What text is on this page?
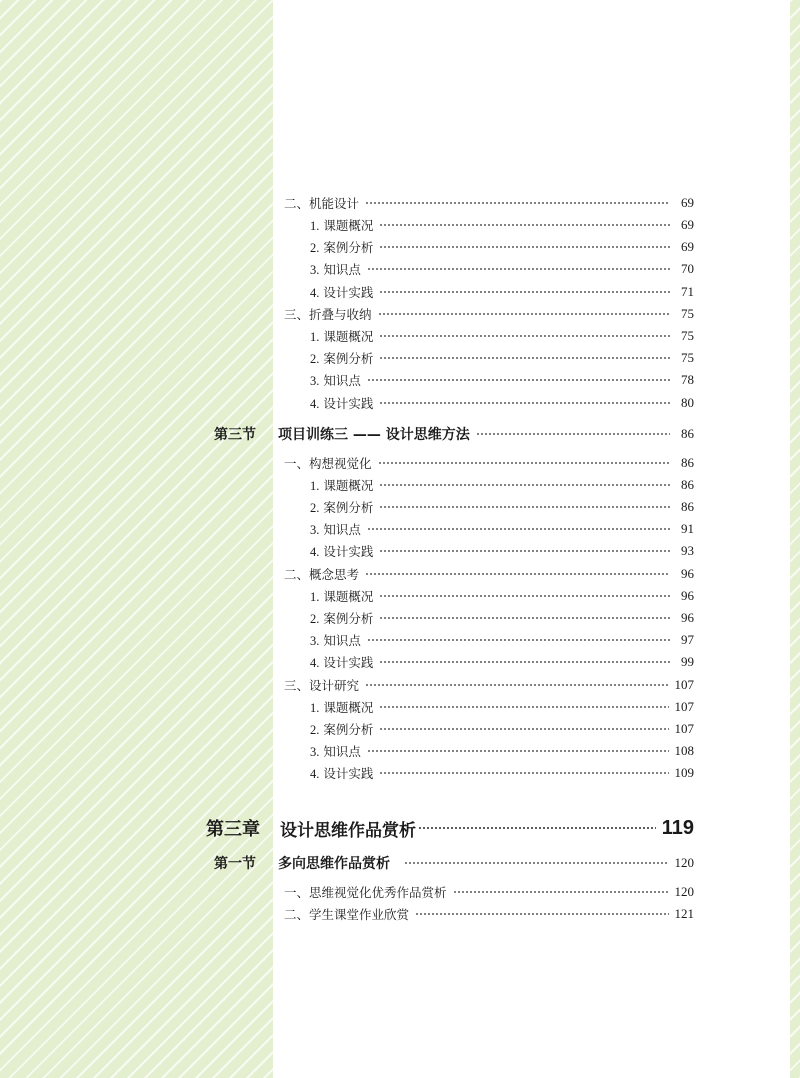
二、机能设计	69
1. 课题概况	69
2. 案例分析	69
3. 知识点	70
4. 设计实践	71
三、折叠与收纳	75
1. 课题概况	75
2. 案例分析	75
3. 知识点	78
4. 设计实践	80
第三节	项目训练三 —— 设计思维方法	86
一、构想视觉化	86
1. 课题概况	86
2. 案例分析	86
3. 知识点	91
4. 设计实践	93
二、概念思考	96
1. 课题概况	96
2. 案例分析	96
3. 知识点	97
4. 设计实践	99
三、设计研究	107
1. 课题概况	107
2. 案例分析	107
3. 知识点	108
4. 设计实践	109
第三章	设计思维作品赏析	119
第一节	多向思维作品赏析	120
一、思维视觉化优秀作品赏析	120
二、学生课堂作业欣赏	121
